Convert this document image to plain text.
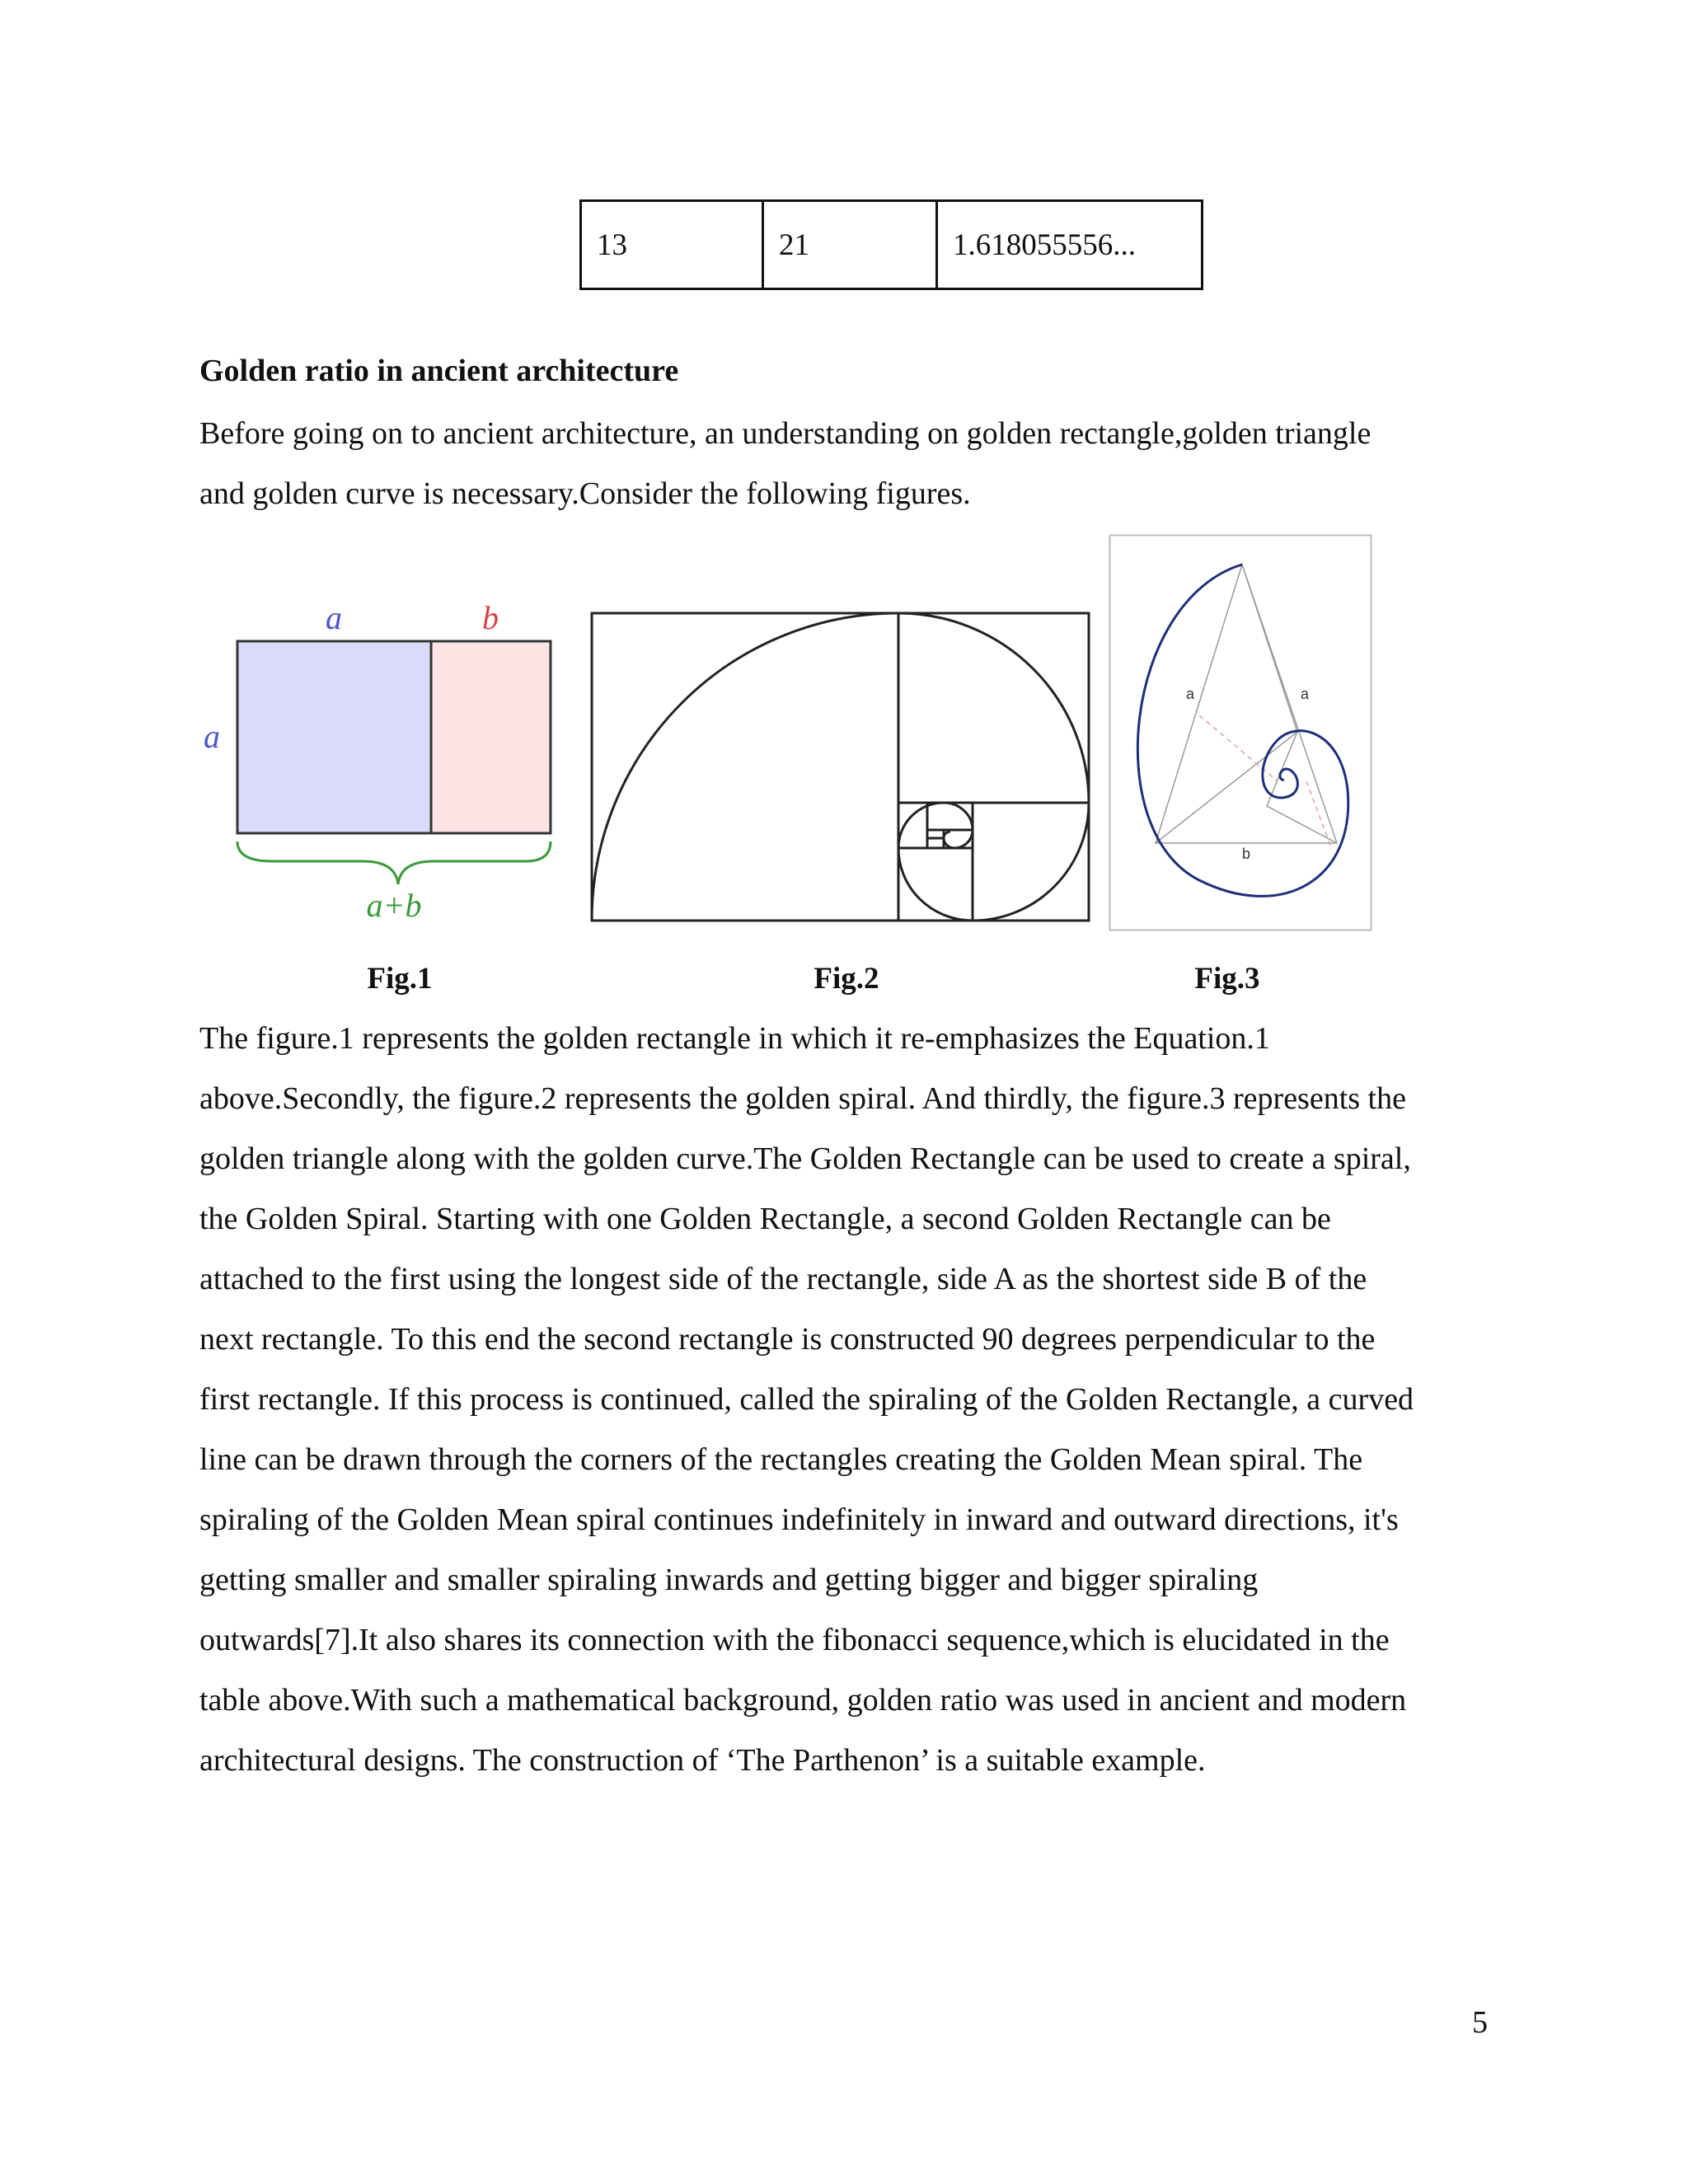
13	21	1.618055556...
Golden ratio in ancient architecture

Before going on to ancient architecture, an understanding on golden rectangle,golden triangle
and golden curve is necessary.Consider the following figures.

a	b
a
a+b
a	a
b
Fig.1	Fig.2	Fig.3

The figure.1 represents the golden rectangle in which it re-emphasizes the Equation.1
above.Secondly, the figure.2 represents the golden spiral. And thirdly, the figure.3 represents the
golden triangle along with the golden curve.The Golden Rectangle can be used to create a spiral,
the Golden Spiral. Starting with one Golden Rectangle, a second Golden Rectangle can be
attached to the first using the longest side of the rectangle, side A as the shortest side B of the
next rectangle. To this end the second rectangle is constructed 90 degrees perpendicular to the
first rectangle. If this process is continued, called the spiraling of the Golden Rectangle, a curved
line can be drawn through the corners of the rectangles creating the Golden Mean spiral. The
spiraling of the Golden Mean spiral continues indefinitely in inward and outward directions, it's
getting smaller and smaller spiraling inwards and getting bigger and bigger spiraling
outwards[7].It also shares its connection with the fibonacci sequence,which is elucidated in the
table above.With such a mathematical background, golden ratio was used in ancient and modern
architectural designs. The construction of ‘The Parthenon’ is a suitable example.

5
